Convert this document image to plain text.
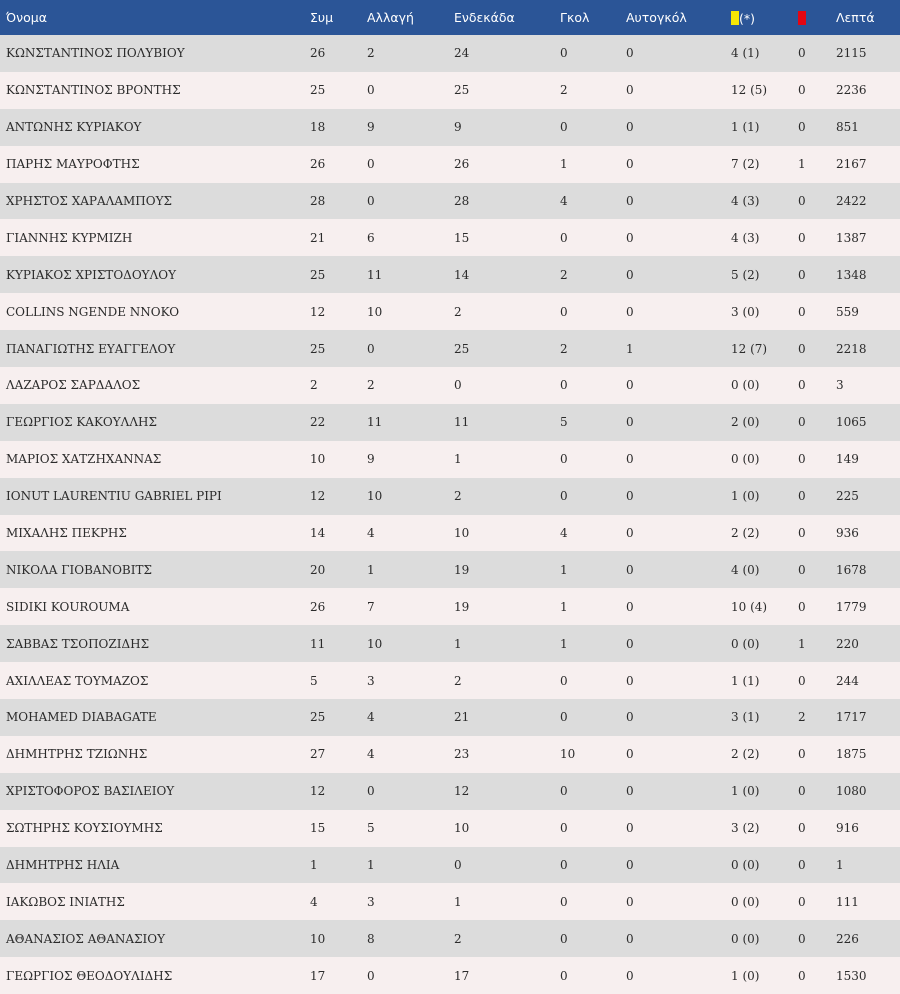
Όνομα	Συμ	Αλλαγή	Ενδεκάδα	Γκολ	Αυτογκόλ	(*)		Λεπτά
ΚΩΝΣΤΑΝΤΙΝΟΣ ΠΟΛΥΒΙΟΥ	26	2	24	0	0	4 (1)	0	2115
ΚΩΝΣΤΑΝΤΙΝΟΣ ΒΡΟΝΤΗΣ	25	0	25	2	0	12 (5)	0	2236
ΑΝΤΩΝΗΣ ΚΥΡΙΑΚΟΥ	18	9	9	0	0	1 (1)	0	851
ΠΑΡΗΣ ΜΑΥΡΟΦΤΗΣ	26	0	26	1	0	7 (2)	1	2167
ΧΡΗΣΤΟΣ ΧΑΡΑΛΑΜΠΟΥΣ	28	0	28	4	0	4 (3)	0	2422
ΓΙΑΝΝΗΣ ΚΥΡΜΙΖΗ	21	6	15	0	0	4 (3)	0	1387
ΚΥΡΙΑΚΟΣ ΧΡΙΣΤΟΔΟΥΛΟΥ	25	11	14	2	0	5 (2)	0	1348
COLLINS NGENDE NNOKO	12	10	2	0	0	3 (0)	0	559
ΠΑΝΑΓΙΩΤΗΣ ΕΥΑΓΓΕΛΟΥ	25	0	25	2	1	12 (7)	0	2218
ΛΑΖΑΡΟΣ ΣΑΡΔΑΛΟΣ	2	2	0	0	0	0 (0)	0	3
ΓΕΩΡΓΙΟΣ ΚΑΚΟΥΛΛΗΣ	22	11	11	5	0	2 (0)	0	1065
ΜΑΡΙΟΣ ΧΑΤΖΗΧΑΝΝΑΣ	10	9	1	0	0	0 (0)	0	149
IONUT LAURENTIU GABRIEL PIPI	12	10	2	0	0	1 (0)	0	225
ΜΙΧΑΛΗΣ ΠΕΚΡΗΣ	14	4	10	4	0	2 (2)	0	936
ΝΙΚΟΛΑ ΓΙΟΒΑΝΟΒΙΤΣ	20	1	19	1	0	4 (0)	0	1678
SIDIKI KOUROUMA	26	7	19	1	0	10 (4)	0	1779
ΣΑΒΒΑΣ ΤΣΟΠΟΖΙΔΗΣ	11	10	1	1	0	0 (0)	1	220
ΑΧΙΛΛΕΑΣ ΤΟΥΜΑΖΟΣ	5	3	2	0	0	1 (1)	0	244
MOHAMED DIABAGATE	25	4	21	0	0	3 (1)	2	1717
ΔΗΜΗΤΡΗΣ ΤΖΙΩΝΗΣ	27	4	23	10	0	2 (2)	0	1875
ΧΡΙΣΤΟΦΟΡΟΣ ΒΑΣΙΛΕΙΟΥ	12	0	12	0	0	1 (0)	0	1080
ΣΩΤΗΡΗΣ ΚΟΥΣΙΟΥΜΗΣ	15	5	10	0	0	3 (2)	0	916
ΔΗΜΗΤΡΗΣ ΗΛΙΑ	1	1	0	0	0	0 (0)	0	1
ΙΑΚΩΒΟΣ ΙΝΙΑΤΗΣ	4	3	1	0	0	0 (0)	0	111
ΑΘΑΝΑΣΙΟΣ ΑΘΑΝΑΣΙΟΥ	10	8	2	0	0	0 (0)	0	226
ΓΕΩΡΓΙΟΣ ΘΕΟΔΟΥΛΙΔΗΣ	17	0	17	0	0	1 (0)	0	1530
